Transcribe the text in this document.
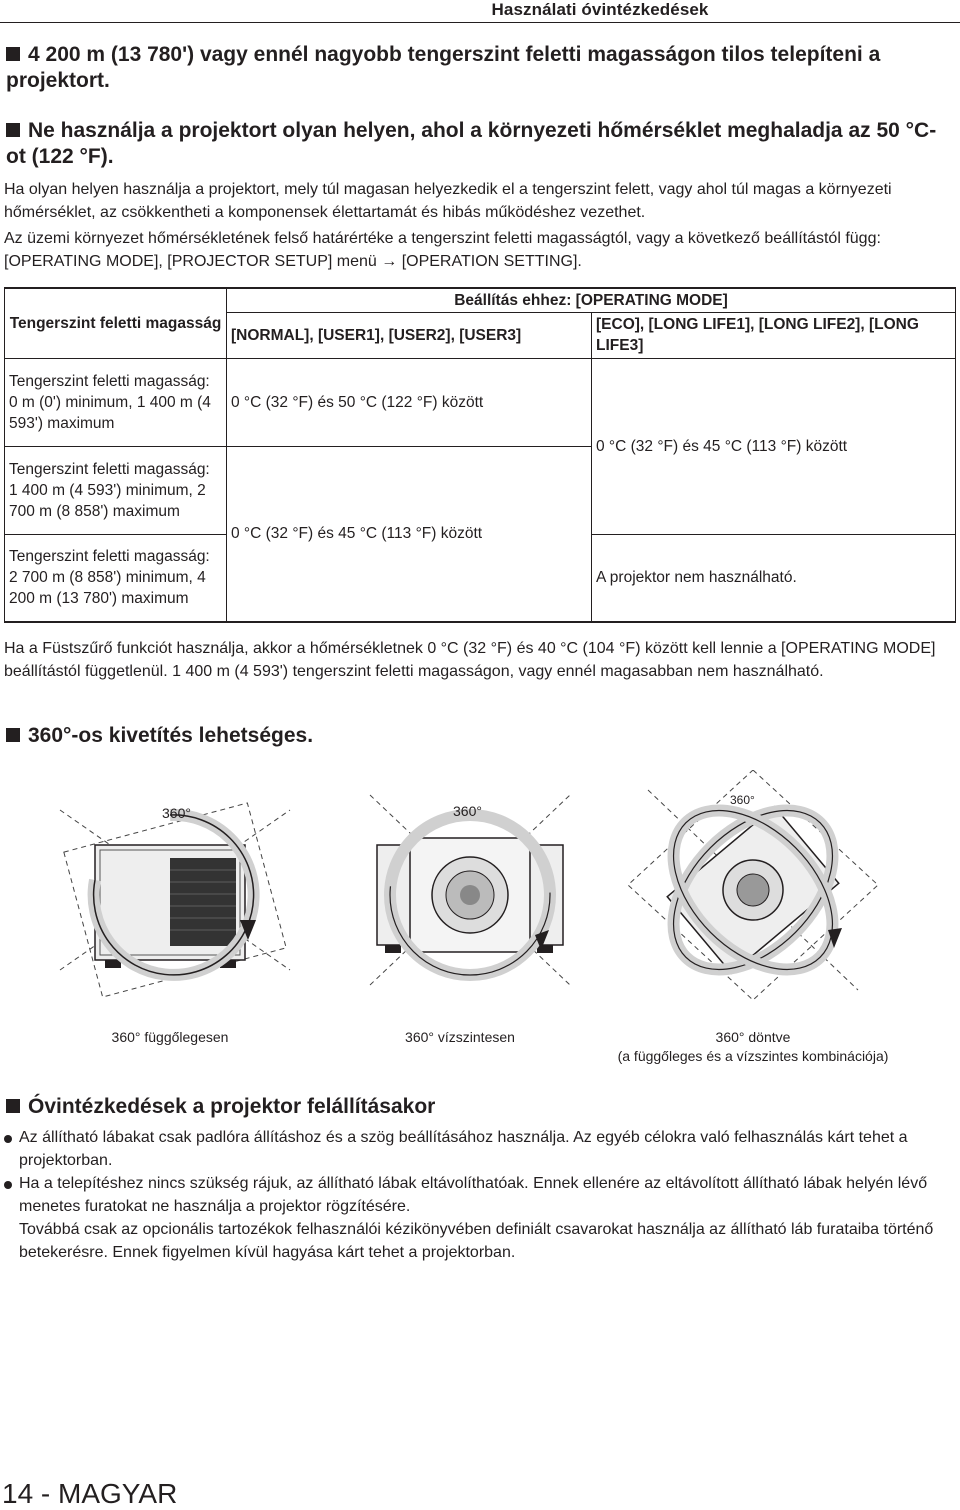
Használati óvintézkedések
4 200 m (13 780') vagy ennél nagyobb tengerszint feletti magasságon tilos telepíteni a projektort.
Ne használja a projektort olyan helyen, ahol a környezeti hőmérséklet meghaladja az 50 °C-ot (122 °F).
Ha olyan helyen használja a projektort, mely túl magasan helyezkedik el a tengerszint felett, vagy ahol túl magas a környezeti hőmérséklet, az csökkentheti a komponensek élettartamát és hibás működéshez vezethet.
Az üzemi környezet hőmérsékletének felső határértéke a tengerszint feletti magasságtól, vagy a következő beállítástól függ: [OPERATING MODE], [PROJECTOR SETUP] menü → [OPERATION SETTING].
Tengerszint feletti magasság	Beállítás ehhez: [OPERATING MODE]	
	[NORMAL], [USER1], [USER2], [USER3]	[ECO], [LONG LIFE1], [LONG LIFE2], [LONG LIFE3]
Tengerszint feletti magasság: 0 m (0') minimum, 1 400 m (4 593') maximum	0 °C (32 °F) és 50 °C (122 °F) között	0 °C (32 °F) és 45 °C (113 °F) között
Tengerszint feletti magasság: 1 400 m (4 593') minimum, 2 700 m (8 858') maximum	0 °C (32 °F) és 45 °C (113 °F) között	
Tengerszint feletti magasság: 2 700 m (8 858') minimum, 4 200 m (13 780') maximum		A projektor nem használható.
Ha a Füstszűrő funkciót használja, akkor a hőmérsékletnek 0 °C (32 °F) és 40 °C (104 °F) között kell lennie a [OPERATING MODE] beállítástól függetlenül. 1 400 m (4 593') tengerszint feletti magasságon, vagy ennél magasabban nem használható.
360°-os kivetítés lehetséges.
360°	360°
360°
360° függőlegesen	360° vízszintesen	360° döntve
(a függőleges és a vízszintes kombinációja)
Óvintézkedések a projektor felállításakor
Az állítható lábakat csak padlóra állításhoz és a szög beállításához használja. Az egyéb célokra való felhasználás kárt tehet a projektorban.
Ha a telepítéshez nincs szükség rájuk, az állítható lábak eltávolíthatóak. Ennek ellenére az eltávolított állítható lábak helyén lévő menetes furatokat ne használja a projektor rögzítésére.
Továbbá csak az opcionális tartozékok felhasználói kézikönyvében definiált csavarokat használja az állítható láb furataiba történő betekerésre. Ennek figyelmen kívül hagyása kárt tehet a projektorban.
14 - MAGYAR
